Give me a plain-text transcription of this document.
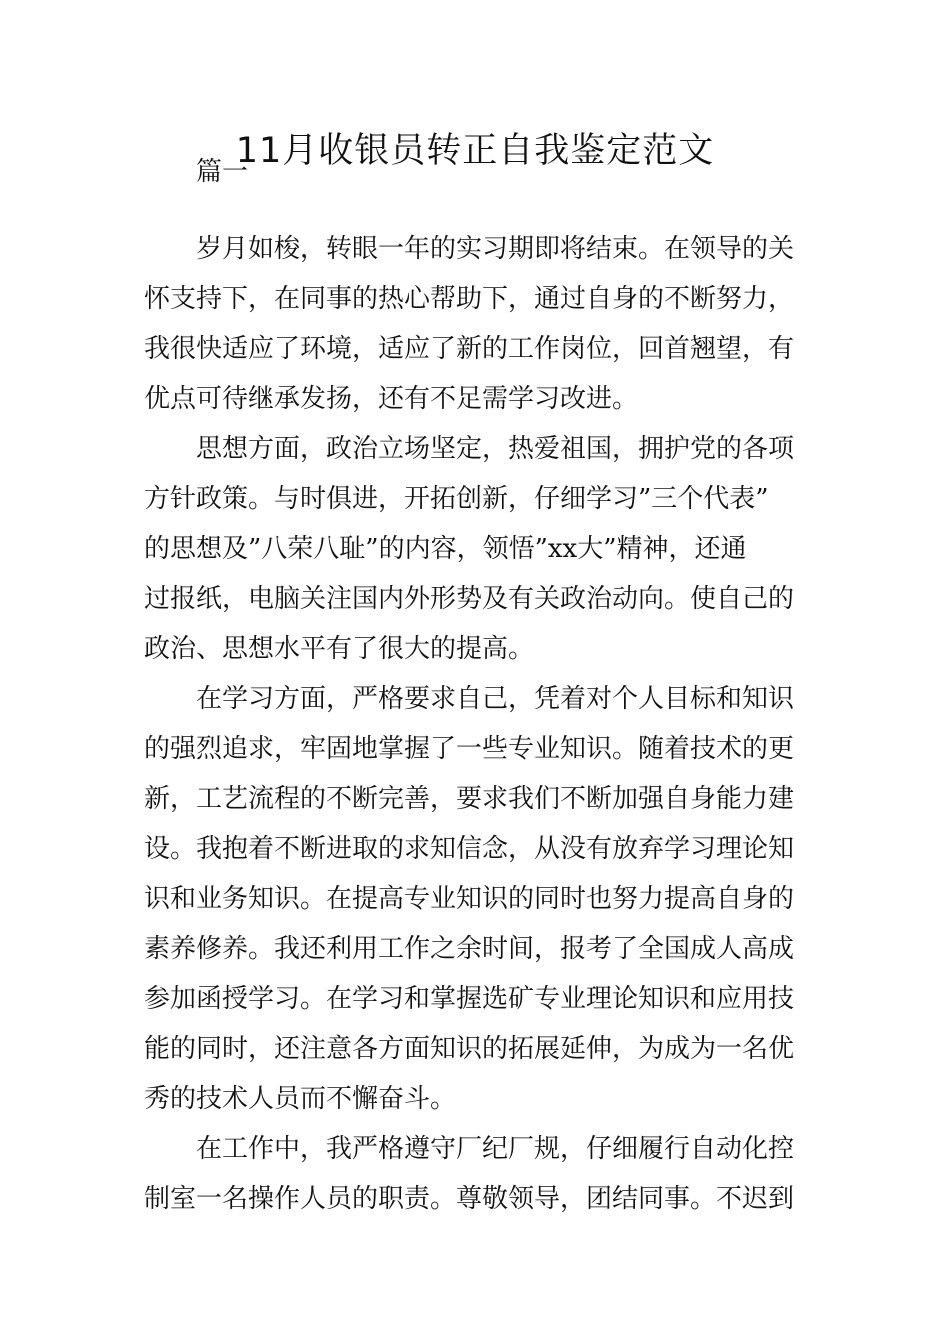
11月收银员转正自我鉴定范文
篇一
岁月如梭，转眼一年的实习期即将结束。在领导的关
怀支持下，在同事的热心帮助下，通过自身的不断努力，
我很快适应了环境，适应了新的工作岗位，回首翘望，有
优点可待继承发扬，还有不足需学习改进。
思想方面，政治立场坚定，热爱祖国，拥护党的各项
方针政策。与时俱进，开拓创新，仔细学习”三个代表”
的思想及”八荣八耻”的内容，领悟”xx大”精神，还通
过报纸，电脑关注国内外形势及有关政治动向。使自己的
政治、思想水平有了很大的提高。
在学习方面，严格要求自己，凭着对个人目标和知识
的强烈追求，牢固地掌握了一些专业知识。随着技术的更
新，工艺流程的不断完善，要求我们不断加强自身能力建
设。我抱着不断进取的求知信念，从没有放弃学习理论知
识和业务知识。在提高专业知识的同时也努力提高自身的
素养修养。我还利用工作之余时间，报考了全国成人高成
参加函授学习。在学习和掌握选矿专业理论知识和应用技
能的同时，还注意各方面知识的拓展延伸，为成为一名优
秀的技术人员而不懈奋斗。
在工作中，我严格遵守厂纪厂规，仔细履行自动化控
制室一名操作人员的职责。尊敬领导，团结同事。不迟到
